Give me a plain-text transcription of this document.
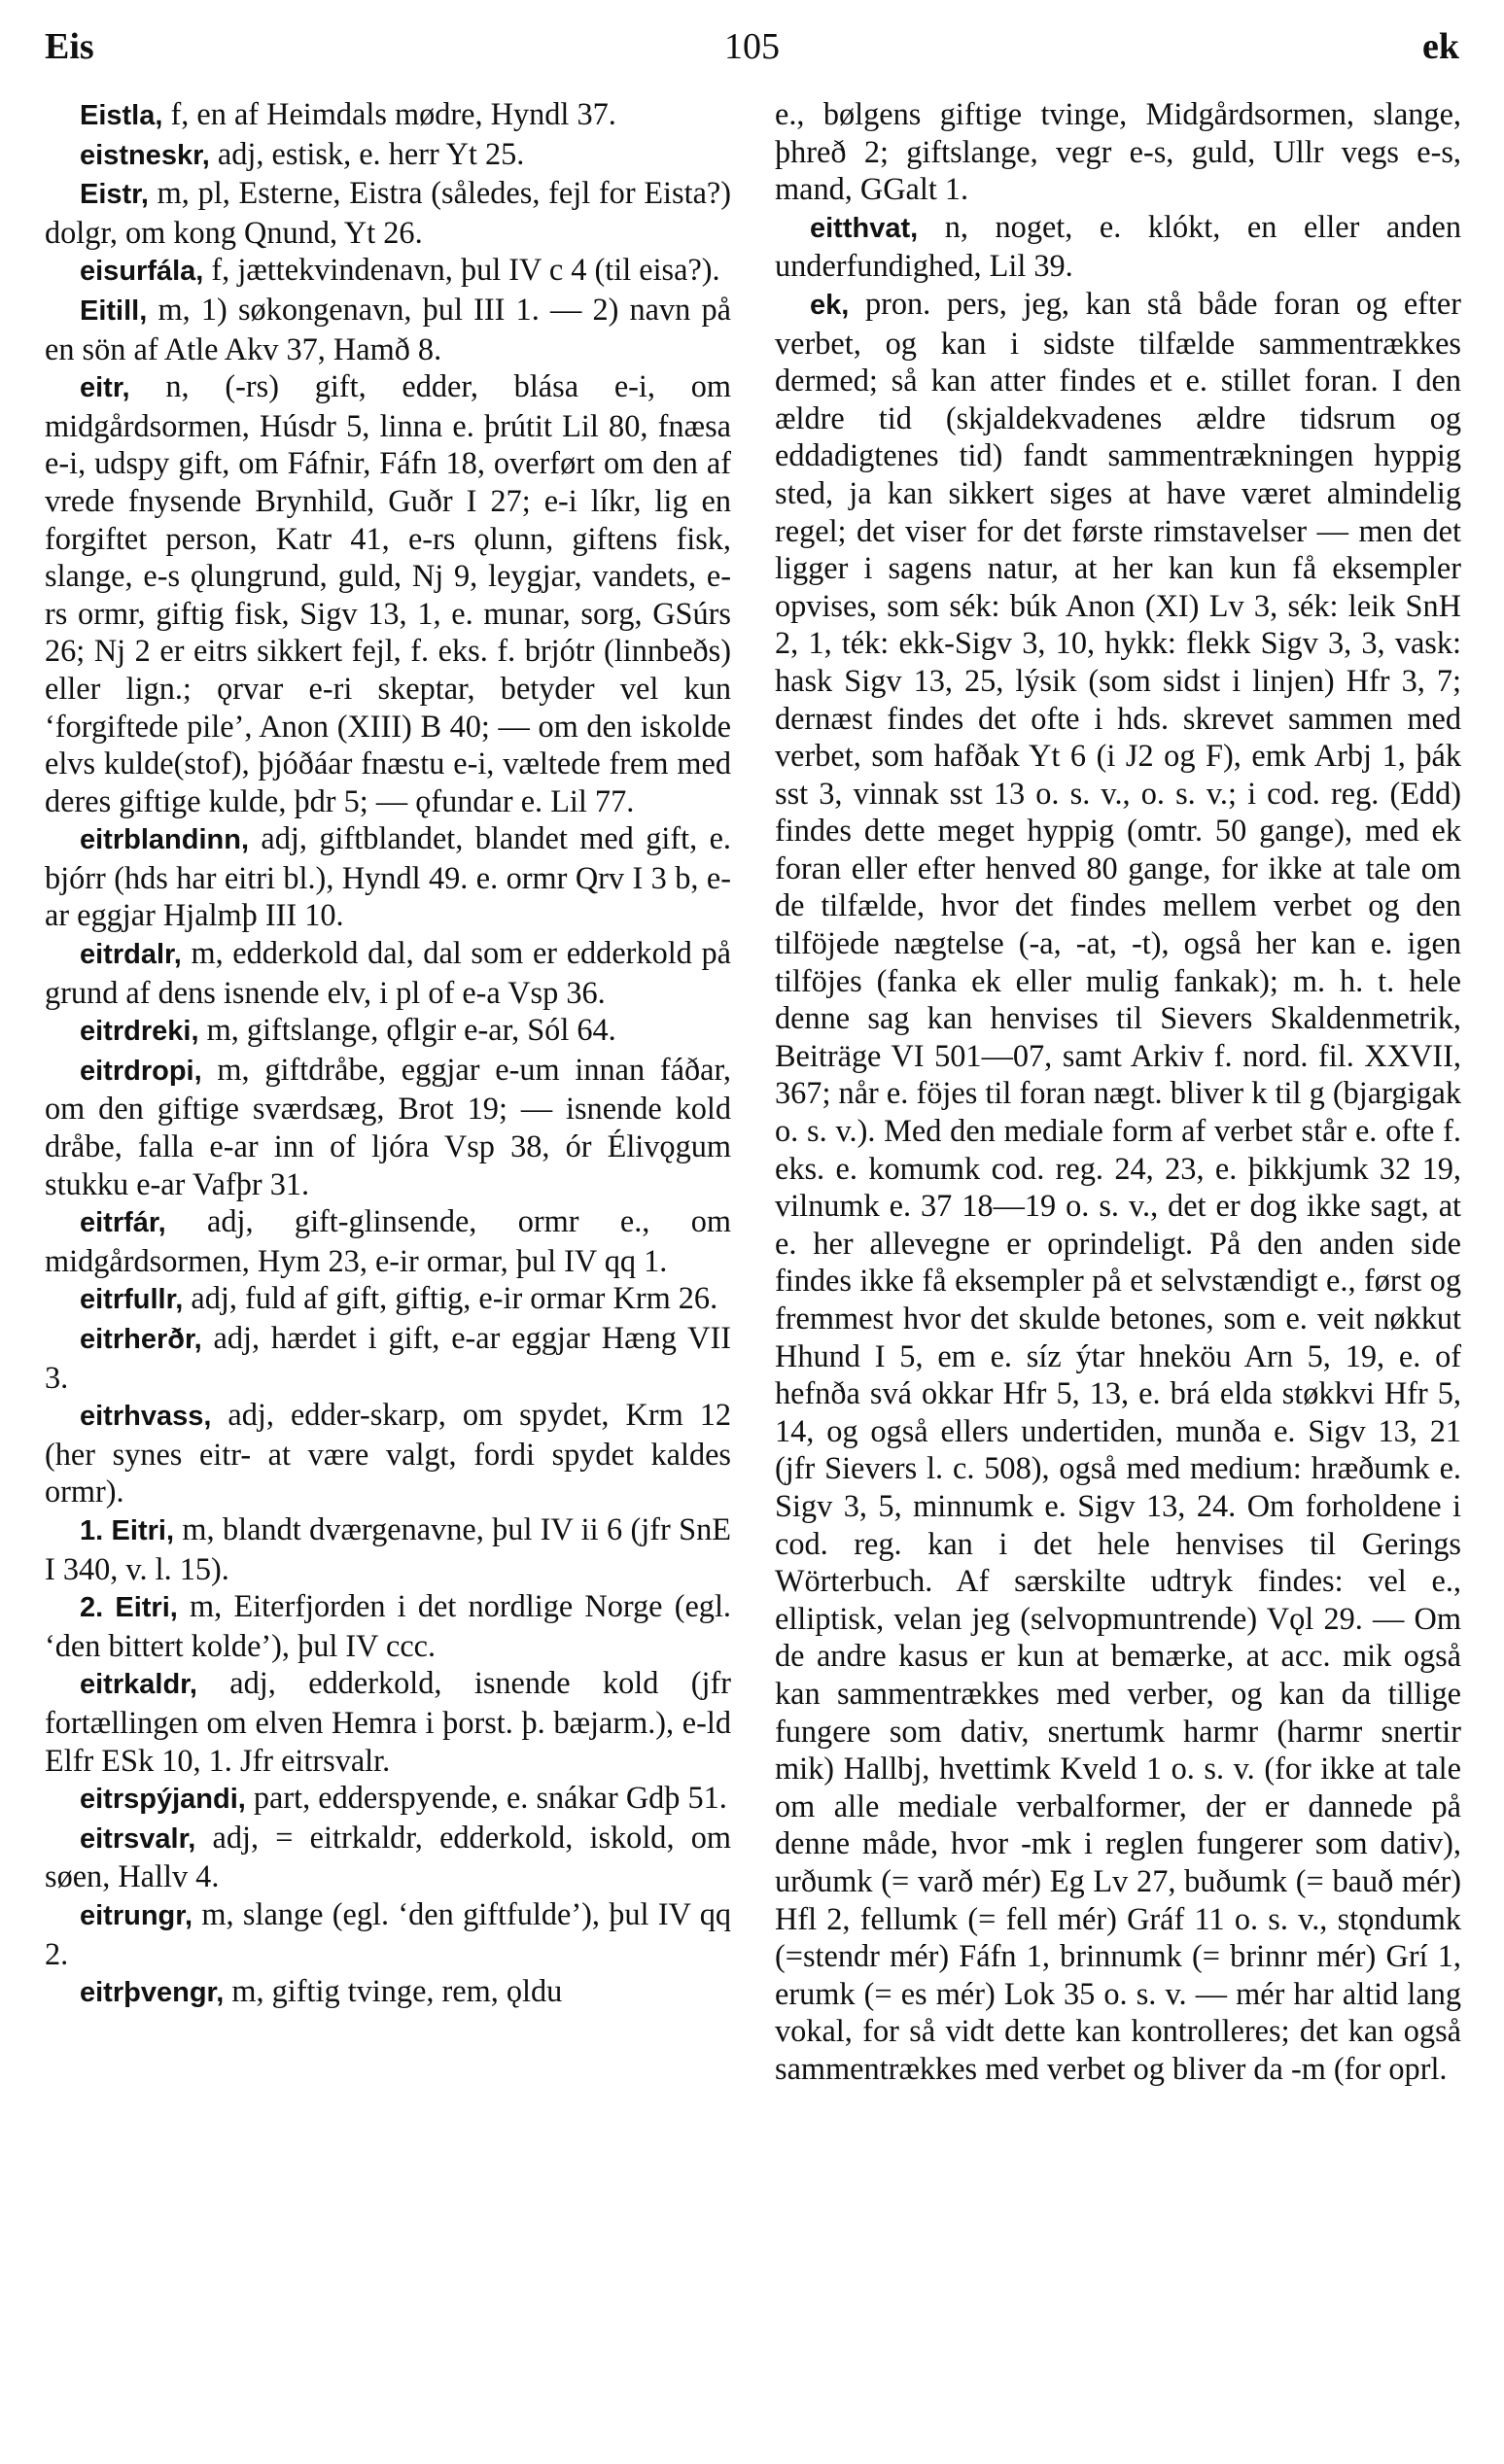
Eis	105	ek

Eistla, f, en af Heimdals mødre, Hyndl 37.

eistneskr, adj, estisk, e. herr Yt 25.

Eistr, m, pl, Esterne, Eistra (således, fejl for Eista?) dolgr, om kong Qnund, Yt 26.

eisurfála, f, jættekvindenavn, þul IV c 4 (til eisa?).

Eitill, m, 1) søkongenavn, þul III 1. — 2) navn på en sön af Atle Akv 37, Hamð 8.

eitr, n, (-rs) gift, edder, blása e-i, om midgårdsormen, Húsdr 5, linna e. þrútit Lil 80, fnæsa e-i, udspy gift, om Fáfnir, Fáfn 18, overført om den af vrede fnysende Brynhild, Guðr I 27; e-i líkr, lig en forgiftet person, Katr 41, e-rs ǫlunn, giftens fisk, slange, e-s ǫlungrund, guld, Nj 9, leygjar, vandets, e-rs ormr, giftig fisk, Sigv 13, 1, e. munar, sorg, GSúrs 26; Nj 2 er eitrs sikkert fejl, f. eks. f. brjótr (linnbeðs) eller lign.; ǫrvar e-ri skeptar, betyder vel kun ‘forgiftede pile’, Anon (XIII) B 40; — om den iskolde elvs kulde(stof), þjóðáar fnæstu e-i, væltede frem med deres giftige kulde, þdr 5; — ǫfundar e. Lil 77.

eitrblandinn, adj, giftblandet, blandet med gift, e. bjórr (hds har eitri bl.), Hyndl 49. e. ormr Qrv I 3 b, e-ar eggjar Hjalmþ III 10.

eitrdalr, m, edderkold dal, dal som er edderkold på grund af dens isnende elv, i pl of e-a Vsp 36.

eitrdreki, m, giftslange, ǫflgir e-ar, Sól 64.

eitrdropi, m, giftdråbe, eggjar e-um innan fáðar, om den giftige sværdsæg, Brot 19; — isnende kold dråbe, falla e-ar inn of ljóra Vsp 38, ór Élivǫgum stukku e-ar Vafþr 31.

eitrfár, adj, gift-glinsende, ormr e., om midgårdsormen, Hym 23, e-ir ormar, þul IV qq 1.

eitrfullr, adj, fuld af gift, giftig, e-ir ormar Krm 26.

eitrherðr, adj, hærdet i gift, e-ar eggjar Hæng VII 3.

eitrhvass, adj, edder-skarp, om spydet, Krm 12 (her synes eitr- at være valgt, fordi spydet kaldes ormr).

1. Eitri, m, blandt dværgenavne, þul IV ii 6 (jfr SnE I 340, v. l. 15).

2. Eitri, m, Eiterfjorden i det nordlige Norge (egl. ‘den bittert kolde’), þul IV ccc.

eitrkaldr, adj, edderkold, isnende kold (jfr fortællingen om elven Hemra i þorst. þ. bæjarm.), e-ld Elfr ESk 10, 1. Jfr eitrsvalr.

eitrspýjandi, part, edderspyende, e. snákar Gdþ 51.

eitrsvalr, adj, = eitrkaldr, edderkold, iskold, om søen, Hallv 4.

eitrungr, m, slange (egl. ‘den giftfulde’), þul IV qq 2.

eitrþvengr, m, giftig tvinge, rem, ǫldu

e., bølgens giftige tvinge, Midgårdsormen, slange, þhreð 2; giftslange, vegr e-s, guld, Ullr vegs e-s, mand, GGalt 1.

eitthvat, n, noget, e. klókt, en eller anden underfundighed, Lil 39.

ek, pron. pers, jeg, kan stå både foran og efter verbet, og kan i sidste tilfælde sammentrækkes dermed; så kan atter findes et e. stillet foran. I den ældre tid (skjaldekvadenes ældre tidsrum og eddadigtenes tid) fandt sammentrækningen hyppig sted, ja kan sikkert siges at have været almindelig regel; det viser for det første rimstavelser — men det ligger i sagens natur, at her kan kun få eksempler opvises, som sék: búk Anon (XI) Lv 3, sék: leik SnH 2, 1, ték: ekk-Sigv 3, 10, hykk: flekk Sigv 3, 3, vask: hask Sigv 13, 25, lýsik (som sidst i linjen) Hfr 3, 7; dernæst findes det ofte i hds. skrevet sammen med verbet, som hafðak Yt 6 (i J2 og F), emk Arbj 1, þák sst 3, vinnak sst 13 o. s. v., o. s. v.; i cod. reg. (Edd) findes dette meget hyppig (omtr. 50 gange), med ek foran eller efter henved 80 gange, for ikke at tale om de tilfælde, hvor det findes mellem verbet og den tilföjede nægtelse (-a, -at, -t), også her kan e. igen tilföjes (fanka ek eller mulig fankak); m. h. t. hele denne sag kan henvises til Sievers Skaldenmetrik, Beiträge VI 501—07, samt Arkiv f. nord. fil. XXVII, 367; når e. föjes til foran nægt. bliver k til g (bjargigak o. s. v.). Med den mediale form af verbet står e. ofte f. eks. e. komumk cod. reg. 24, 23, e. þikkjumk 32 19, vilnumk e. 37 18—19 o. s. v., det er dog ikke sagt, at e. her allevegne er oprindeligt. På den anden side findes ikke få eksempler på et selvstændigt e., først og fremmest hvor det skulde betones, som e. veit nøkkut Hhund I 5, em e. síz ýtar hneköu Arn 5, 19, e. of hefnða svá okkar Hfr 5, 13, e. brá elda støkkvi Hfr 5, 14, og også ellers undertiden, munða e. Sigv 13, 21 (jfr Sievers l. c. 508), også med medium: hræðumk e. Sigv 3, 5, minnumk e. Sigv 13, 24. Om forholdene i cod. reg. kan i det hele henvises til Gerings Wörterbuch. Af særskilte udtryk findes: vel e., elliptisk, velan jeg (selvopmuntrende) Vǫl 29. — Om de andre kasus er kun at bemærke, at acc. mik også kan sammentrækkes med verber, og kan da tillige fungere som dativ, snertumk harmr (harmr snertir mik) Hallbj, hvettimk Kveld 1 o. s. v. (for ikke at tale om alle mediale verbalformer, der er dannede på denne måde, hvor -mk i reglen fungerer som dativ), urðumk (= varð mér) Eg Lv 27, buðumk (= bauð mér) Hfl 2, fellumk (= fell mér) Gráf 11 o. s. v., stǫndumk (=stendr mér) Fáfn 1, brinnumk (= brinnr mér) Grí 1, erumk (= es mér) Lok 35 o. s. v. — mér har altid lang vokal, for så vidt dette kan kontrolleres; det kan også sammentrækkes med verbet og bliver da -m (for oprl.
